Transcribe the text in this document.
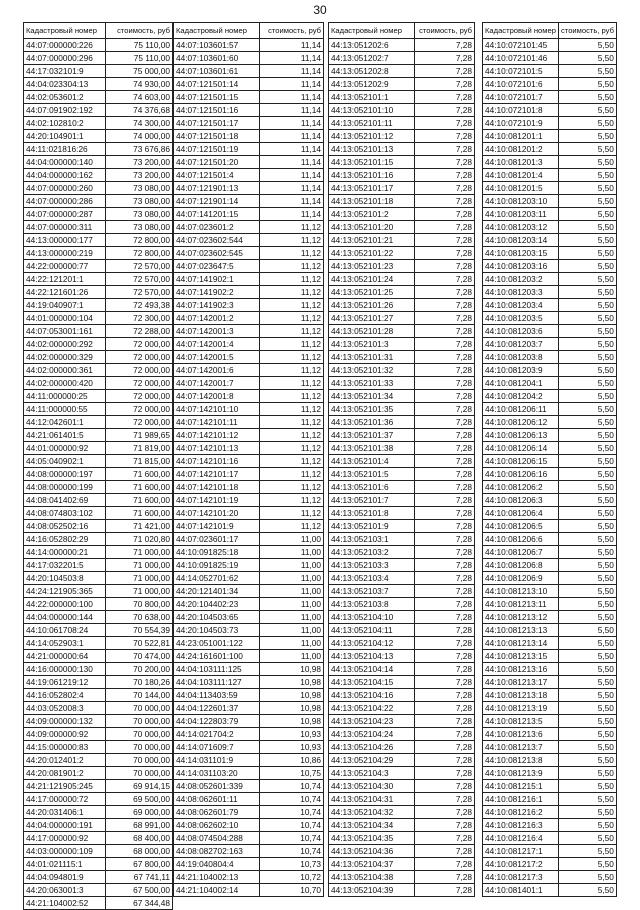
30
Кадастровый номер	стоимость, руб
44:07:000000:226	75 110,00
44:07:000000:296	75 110,00
44:17:032101:9	75 000,00
44:04:023304:13	74 930,00
44:02:053601:2	74 603,00
44:07:091902:192	74 376,68
44:02:102810:2	74 300,00
44:20:104901:1	74 000,00
44:11:021816:26	73 676,86
44:04:000000:140	73 200,00
44:04:000000:162	73 200,00
44:07:000000:260	73 080,00
44:07:000000:286	73 080,00
44:07:000000:287	73 080,00
44:07:000000:311	73 080,00
44:13:000000:177	72 800,00
44:13:000000:219	72 800,00
44:22:000000:77	72 570,00
44:22:121201:1	72 570,00
44:22:121601:26	72 570,00
44:19:040907:1	72 493,38
44:01:000000:104	72 300,00
44:07:053001:161	72 288,00
44:02:000000:292	72 000,00
44:02:000000:329	72 000,00
44:02:000000:361	72 000,00
44:02:000000:420	72 000,00
44:11:000000:25	72 000,00
44:11:000000:55	72 000,00
44:12:042601:1	72 000,00
44:21:061401:5	71 989,65
44:01:000000:92	71 819,00
44:05:040902:1	71 815,00
44:08:000000:197	71 600,00
44:08:000000:199	71 600,00
44:08:041402:69	71 600,00
44:08:074803:102	71 600,00
44:08:052502:16	71 421,00
44:16:052802:29	71 020,80
44:14:000000:21	71 000,00
44:17:032201:5	71 000,00
44:20:104503:8	71 000,00
44:24:121905:365	71 000,00
44:22:000000:100	70 800,00
44:04:000000:144	70 638,00
44:10:061708:24	70 554,39
44:14:052903:1	70 522,81
44:21:000000:64	70 474,00
44:16:000000:130	70 200,00
44:19:061219:12	70 180,26
44:16:052802:4	70 144,00
44:03:052008:3	70 000,00
44:09:000000:132	70 000,00
44:09:000000:92	70 000,00
44:15:000000:83	70 000,00
44:20:012401:2	70 000,00
44:20:081901:2	70 000,00
44:21:121905:245	69 914,15
44:17:000000:72	69 500,00
44:20:031406:1	69 000,00
44:04:000000:191	68 991,00
44:17:000000:92	68 400,00
44:03:000000:109	68 000,00
44:01:021115:1	67 800,00
44:04:094801:9	67 741,11
44:20:063001:3	67 500,00
44:21:104002:52	67 344,48
Кадастровый номер	стоимость, руб
44:07:103601:57	11,14
44:07:103601:60	11,14
44:07:103601:61	11,14
44:07:121501:14	11,14
44:07:121501:15	11,14
44:07:121501:16	11,14
44:07:121501:17	11,14
44:07:121501:18	11,14
44:07:121501:19	11,14
44:07:121501:20	11,14
44:07:121501:4	11,14
44:07:121901:13	11,14
44:07:121901:14	11,14
44:07:141201:15	11,14
44:07:023601:2	11,12
44:07:023602:544	11,12
44:07:023602:545	11,12
44:07:023647:5	11,12
44:07:141902:1	11,12
44:07:141902:2	11,12
44:07:141902:3	11,12
44:07:142001:2	11,12
44:07:142001:3	11,12
44:07:142001:4	11,12
44:07:142001:5	11,12
44:07:142001:6	11,12
44:07:142001:7	11,12
44:07:142001:8	11,12
44:07:142101:10	11,12
44:07:142101:11	11,12
44:07:142101:12	11,12
44:07:142101:13	11,12
44:07:142101:16	11,12
44:07:142101:17	11,12
44:07:142101:18	11,12
44:07:142101:19	11,12
44:07:142101:20	11,12
44:07:142101:9	11,12
44:07:023601:17	11,00
44:10:091825:18	11,00
44:10:091825:19	11,00
44:14:052701:62	11,00
44:20:121401:34	11,00
44:20:104402:23	11,00
44:20:104503:65	11,00
44:20:104503:73	11,00
44:23:051001:122	11,00
44:24:161601:100	11,00
44:04:103111:125	10,98
44:04:103111:127	10,98
44:04:113403:59	10,98
44:04:122601:37	10,98
44:04:122803:79	10,98
44:14:021704:2	10,93
44:14:071609:7	10,93
44:14:031101:9	10,86
44:14:031103:20	10,75
44:08:052601:339	10,74
44:08:062601:11	10,74
44:08:062601:79	10,74
44:08:062602:10	10,74
44:08:074504:288	10,74
44:08:082702:163	10,74
44:19:040804:4	10,73
44:21:104002:13	10,72
44:21:104002:14	10,70
Кадастровый номер	стоимость, руб
44:13:051202:6	7,28
44:13:051202:7	7,28
44:13:051202:8	7,28
44:13:051202:9	7,28
44:13:052101:1	7,28
44:13:052101:10	7,28
44:13:052101:11	7,28
44:13:052101:12	7,28
44:13:052101:13	7,28
44:13:052101:15	7,28
44:13:052101:16	7,28
44:13:052101:17	7,28
44:13:052101:18	7,28
44:13:052101:2	7,28
44:13:052101:20	7,28
44:13:052101:21	7,28
44:13:052101:22	7,28
44:13:052101:23	7,28
44:13:052101:24	7,28
44:13:052101:25	7,28
44:13:052101:26	7,28
44:13:052101:27	7,28
44:13:052101:28	7,28
44:13:052101:3	7,28
44:13:052101:31	7,28
44:13:052101:32	7,28
44:13:052101:33	7,28
44:13:052101:34	7,28
44:13:052101:35	7,28
44:13:052101:36	7,28
44:13:052101:37	7,28
44:13:052101:38	7,28
44:13:052101:4	7,28
44:13:052101:5	7,28
44:13:052101:6	7,28
44:13:052101:7	7,28
44:13:052101:8	7,28
44:13:052101:9	7,28
44:13:052103:1	7,28
44:13:052103:2	7,28
44:13:052103:3	7,28
44:13:052103:4	7,28
44:13:052103:7	7,28
44:13:052103:8	7,28
44:13:052104:10	7,28
44:13:052104:11	7,28
44:13:052104:12	7,28
44:13:052104:13	7,28
44:13:052104:14	7,28
44:13:052104:15	7,28
44:13:052104:16	7,28
44:13:052104:22	7,28
44:13:052104:23	7,28
44:13:052104:24	7,28
44:13:052104:26	7,28
44:13:052104:29	7,28
44:13:052104:3	7,28
44:13:052104:30	7,28
44:13:052104:31	7,28
44:13:052104:32	7,28
44:13:052104:34	7,28
44:13:052104:35	7,28
44:13:052104:36	7,28
44:13:052104:37	7,28
44:13:052104:38	7,28
44:13:052104:39	7,28
Кадастровый номер	стоимость, руб
44:10:072101:45	5,50
44:10:072101:46	5,50
44:10:072101:5	5,50
44:10:072101:6	5,50
44:10:072101:7	5,50
44:10:072101:8	5,50
44:10:072101:9	5,50
44:10:081201:1	5,50
44:10:081201:2	5,50
44:10:081201:3	5,50
44:10:081201:4	5,50
44:10:081201:5	5,50
44:10:081203:10	5,50
44:10:081203:11	5,50
44:10:081203:12	5,50
44:10:081203:14	5,50
44:10:081203:15	5,50
44:10:081203:16	5,50
44:10:081203:2	5,50
44:10:081203:3	5,50
44:10:081203:4	5,50
44:10:081203:5	5,50
44:10:081203:6	5,50
44:10:081203:7	5,50
44:10:081203:8	5,50
44:10:081203:9	5,50
44:10:081204:1	5,50
44:10:081204:2	5,50
44:10:081206:11	5,50
44:10:081206:12	5,50
44:10:081206:13	5,50
44:10:081206:14	5,50
44:10:081206:15	5,50
44:10:081206:16	5,50
44:10:081206:2	5,50
44:10:081206:3	5,50
44:10:081206:4	5,50
44:10:081206:5	5,50
44:10:081206:6	5,50
44:10:081206:7	5,50
44:10:081206:8	5,50
44:10:081206:9	5,50
44:10:081213:10	5,50
44:10:081213:11	5,50
44:10:081213:12	5,50
44:10:081213:13	5,50
44:10:081213:14	5,50
44:10:081213:15	5,50
44:10:081213:16	5,50
44:10:081213:17	5,50
44:10:081213:18	5,50
44:10:081213:19	5,50
44:10:081213:5	5,50
44:10:081213:6	5,50
44:10:081213:7	5,50
44:10:081213:8	5,50
44:10:081213:9	5,50
44:10:081215:1	5,50
44:10:081216:1	5,50
44:10:081216:2	5,50
44:10:081216:3	5,50
44:10:081216:4	5,50
44:10:081217:1	5,50
44:10:081217:2	5,50
44:10:081217:3	5,50
44:10:081401:1	5,50
